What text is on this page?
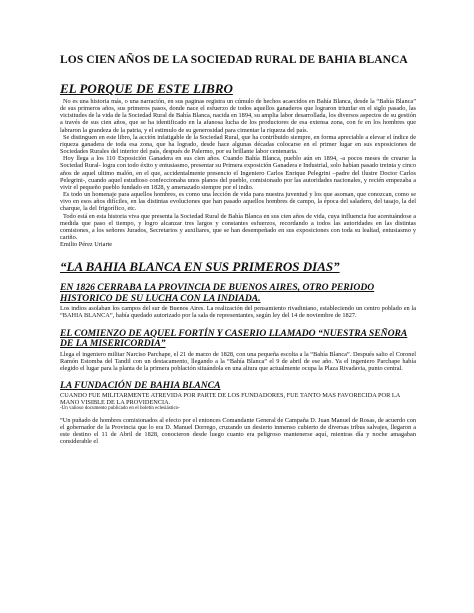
LOS CIEN AÑOS DE LA SOCIEDAD RURAL DE BAHIA BLANCA
EL PORQUE DE ESTE LIBRO

No es una historia más, o una narración, en sus paginas registra un cúmulo de hechos acaecidos en Bahía Blanca, desde la “Bahía Blanca” de sus primeros años, sus primeros pasos, donde nace el esfuerzo de todos aquellos ganaderos que lograron triunfar en el siglo pasado, las vicisitudes de la vida de la Sociedad Rural de Bahía Blanca, nacida en 1894, su amplia labor desarrollada, los diversos aspectos de su gestión a través de sus cien años, que se ha identificado en la afanosa lucha de los productores de esa extensa zona, con fe en los hombres que labraron la grandeza de la patria, y el estimulo de su generosidad para cimentar la riqueza del país.

Se distinguen en este libro, la acción infatigable de la Sociedad Rural, que ha contribuido siempre, en forma apreciable a elevar el índice de riqueza ganadera de toda esa zona, que ha logrado, desde hace algunas décadas colocarse en el primer lugar en sus exposiciones de Sociedades Rurales del interior del país, después de Palermo, por su brillante labor centenaria.

Hoy llega a los 110 Exposición Ganadera en sus cien años. Cuando Bahía Blanca, pueblo aún en 1894, -a pocos meses de crearse la Sociedad Rural- logra con todo éxito y entusiasmo, presentar su Primera exposición Ganadera e Industrial, solo habían pasado treinta y cinco años de aquel ultimo malón, en el que, accidentalmente presencio el Ingeniero Carlos Enrique Pelegrini –padre del ilustre Doctor Carlos Pelegrini-, cuando aquel estudioso confeccionaba unos planos del pueblo, comisionado por las autoridades nacionales, y recién empezaba a vivir el pequeño pueblo fundado en 1828, y amenazado siempre por el indio.

Es todo un homenaje para aquellos hombres, es como una lección de vida para nuestra juventud y los que asoman, que conozcan, como se vivo en esos años difíciles, en las distintas evoluciones que han pasado aquellos hombres de campo, la época del saladero, del tasajo, la del charque, la del frigorífico, etc.

Todo está en esta historia viva que presenta la Sociedad Rural de Bahía Blanca en sus cien años de vida, cuya influencia fue acentuándose a medida que paso el tiempo, y logro alcanzar tres largos y constantes esfuerzos, recordando a todos las autoridades en las distintas comisiones, a los señores Jurados, Secretarios y auxiliares, que se han desempeñado en sus exposiciones con toda su lealtad, entusiasmo y cariño.

Emilio Pérez Uriarte

“LA BAHIA BLANCA EN SUS PRIMEROS DIAS”
EN 1826 CERRABA LA PROVINCIA DE BUENOS AIRES, OTRO PERIODO HISTORICO DE SU LUCHA CON LA INDIADA.

Los indios asolaban los campos del sur de Buenos Aires. La realización del pensamiento rivadiniano, estableciendo un centro poblado en la “BAHIA BLANCA”, había quedado autorizado por la sala de representantes, según ley del 14 de noviembre de 1827.

EL COMIENZO DE AQUEL FORTÍN Y CASERIO LLAMADO “NUESTRA SEÑORA DE LA MISERICORDIA”

Llega el ingeniero militar Narciso Parchape, el 21 de marzo de 1828, con una pequeña escolta a la “Bahía Blanca”. Después salio el Coronel Ramón Estomba del Tandil con un destacamento, llegando a la “Bahía Blanca” el 9 de abril de ese año. Ya el ingeniero Parchape había elegido el lugar para la planta de la primera población situándola en una altura que actualmente ocupa la Plaza Rivadavia, punto central.

LA FUNDACIÓN DE BAHIA BLANCA

CUANDO FUE MILITARMENTE ATREVIDA POR PARTE DE LOS FUNDADORES, FUE TANTO MAS FAVORECIDA POR LA MANO VISIBLE DE LA PROVIDENCIA.

-Un valioso documento publicado en el boletín eclesiástico-

“Un puñado de hombres comisionados al efecto por el entonces Comandante General de Campaña D. Juan Manuel de Rosas, de acuerdo con el gobernador de la Provincia que lo era D. Manuel Dorrego, cruzando un desierto inmenso cubierto de diversas tribus salvajes, llegaron a este destino el 11 de Abril de 1828, conocieron desde luego cuanto era peligroso mantenerse aquí, mientras día y noche amagaban considerable el
